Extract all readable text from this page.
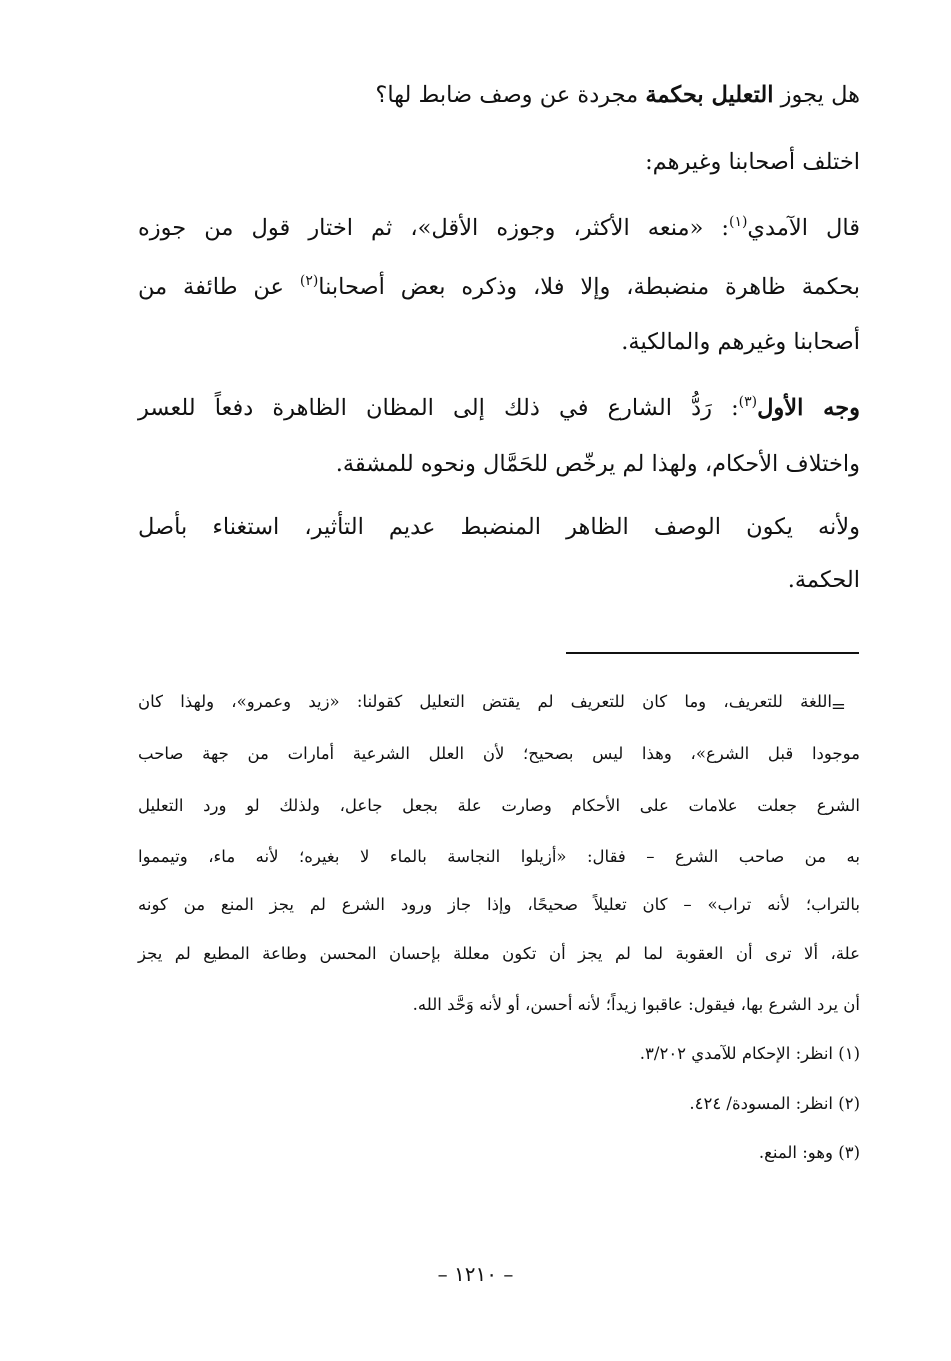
هل يجوز التعليل بحكمة مجردة عن وصف ضابط لها؟
اختلف أصحابنا وغيرهم:
قال الآمدي$^{(١)}$: «منعه الأكثر، وجوزه الأقل»، ثم اختار قول من جوزه
بحكمة ظاهرة منضبطة، وإلا فلا، وذكره بعض أصحابنا$^{(٢)}$ عن طائفة من
أصحابنا وغيرهم والمالكية.
وجه الأول$^{(٣)}$: رَدُّ الشارع في ذلك إلى المظان الظاهرة دفعاً للعسر
واختلاف الأحكام، ولهذا لم يرخّص للحَمَّال ونحوه للمشقة.
ولأنه يكون الوصف الظاهر المنضبط عديم التأثير، استغناء بأصل
الحكمة.
=
اللغة للتعريف، وما كان للتعريف لم يقتض التعليل كقولنا: «زيد وعمرو»، ولهذا كان
موجودا قبل الشرع»، وهذا ليس بصحيح؛ لأن العلل الشرعية أمارات من جهة صاحب
الشرع جعلت علامات على الأحكام وصارت علة بجعل جاعل، ولذلك لو ورد التعليل
به من صاحب الشرع – فقال: «أزيلوا النجاسة بالماء لا بغيره؛ لأنه ماء، وتيمموا
بالتراب؛ لأنه تراب» – كان تعليلاً صحيحًا، وإذا جاز ورود الشرع لم يجز المنع من كونه
علة، ألا ترى أن العقوبة لما لم يجز أن تكون معللة بإحسان المحسن وطاعة المطيع لم يجز
أن يرد الشرع بها، فيقول: عاقبوا زيداً؛ لأنه أحسن، أو لأنه وَحَّد الله.
(١) انظر: الإحكام للآمدي ٣/٢٠٢.
(٢) انظر: المسودة/ ٤٢٤.
(٣) وهو: المنع.
– ١٢١٠ –
